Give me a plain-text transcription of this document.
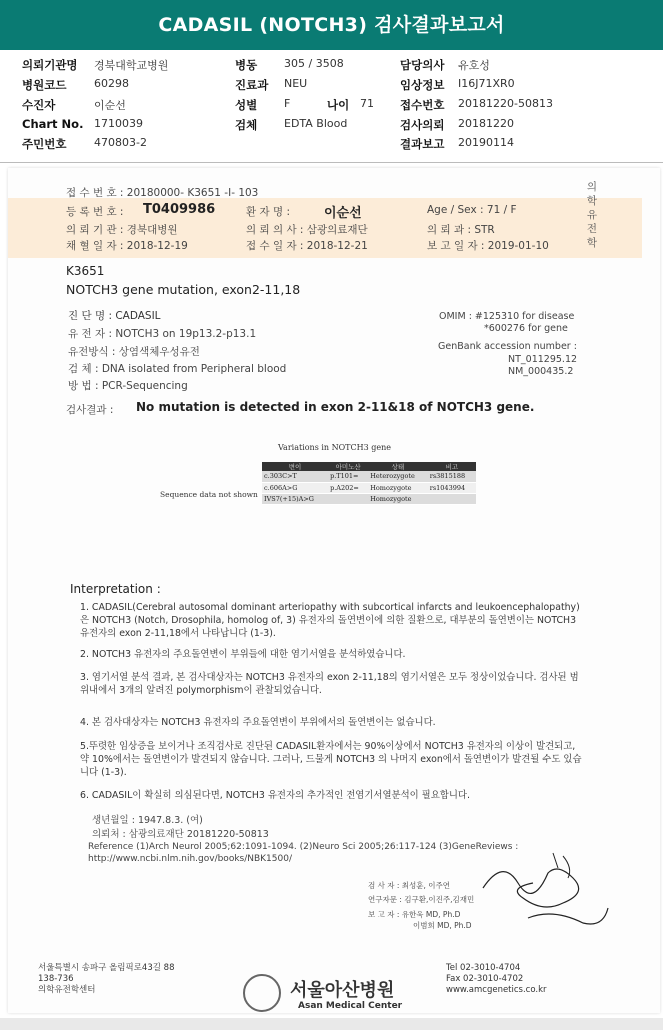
CADASIL (NOTCH3) 검사결과보고서
의뢰기관명 경북대학교병원
병원코드	60298
수진자	이순선
Chart No. 1710039
주민번호	470803-2
병동 305 / 3508
진료과 NEU
성별 F	나이 71
검체 EDTA Blood
담당의사 유호성
임상정보 I16J71XR0
접수번호 20181220-50813
검사의뢰 20181220
결과보고 20190114
의
학
유
전
학
접 수 번 호 : 20180000- K3651 -I- 103
등 록 번 호 : T0409986	환 자 명 :	이순선	Age / Sex : 71 / F
의 뢰 기 관 : 경북대병원	의 뢰 의 사 : 삼광의료재단	의 뢰 과 : STR
채 혈 일 자 : 2018-12-19	접 수 일 자 : 2018-12-21	보 고 일 자 : 2019-01-10
K3651
NOTCH3 gene mutation, exon2-11,18
진 단 명 : CADASIL
유 전 자 : NOTCH3 on 19p13.2-p13.1
유전방식 : 상염색체우성유전
검 체 : DNA isolated from Peripheral blood
방 법 : PCR-Sequencing
OMIM : #125310 for disease
*600276 for gene
GenBank accession number :
NT_011295.12
NM_000435.2
검사결과 : No mutation is detected in exon 2-11&18 of NOTCH3 gene.
Variations in NOTCH3 gene
Sequence data not shown
변이	아미노산	상태	비고
c.303C>T	p.T101=	Heterozygote	rs3815188
c.606A>G	p.A202=	Homozygote	rs1043994
IVS7(+15)A>G		Homozygote	
Interpretation :
1. CADASIL(Cerebral autosomal dominant arteriopathy with subcortical infarcts and leukoencephalopathy)은 NOTCH3 (Notch, Drosophila, homolog of, 3) 유전자의 돌연변이에 의한 질환으로, 대부분의 돌연변이는 NOTCH3 유전자의 exon 2-11,18에서 나타납니다 (1-3).
2. NOTCH3 유전자의 주요돌연변이 부위들에 대한 염기서열을 분석하였습니다.
3. 염기서열 분석 결과, 본 검사대상자는 NOTCH3 유전자의 exon 2-11,18의 염기서열은 모두 정상이었습니다. 검사된 범위내에서 3개의 알려진 polymorphism이 관찰되었습니다.
4. 본 검사대상자는 NOTCH3 유전자의 주요돌연변이 부위에서의 돌연변이는 없습니다.
5.뚜렷한 임상증을 보이거나 조직검사로 진단된 CADASIL환자에서는 90%이상에서 NOTCH3 유전자의 이상이 발견되고, 약 10%에서는 돌연변이가 발견되지 않습니다. 그러나, 드물게 NOTCH3 의 나머지 exon에서 돌연변이가 발견될 수도 있습니다 (1-3).
6. CADASIL이 확실히 의심된다면, NOTCH3 유전자의 추가적인 전염기서열분석이 필요합니다.
생년월일 : 1947.8.3. (여)
의뢰처 : 삼광의료재단 20181220-50813
Reference (1)Arch Neurol 2005;62:1091-1094. (2)Neuro Sci 2005;26:117-124 (3)GeneReviews :
http://www.ncbi.nlm.nih.gov/books/NBK1500/
검 사 자 : 최성훈, 이주연
연구자문 : 김구환,이진주,김재민
보 고 자 : 유한욱 MD, Ph.D
이범희 MD, Ph.D
서울특별시 송파구 올림픽로43길 88
138-736
의학유전학센터	서울아산병원
Asan Medical Center
Tel 02-3010-4704
Fax 02-3010-4702
www.amcgenetics.co.kr
